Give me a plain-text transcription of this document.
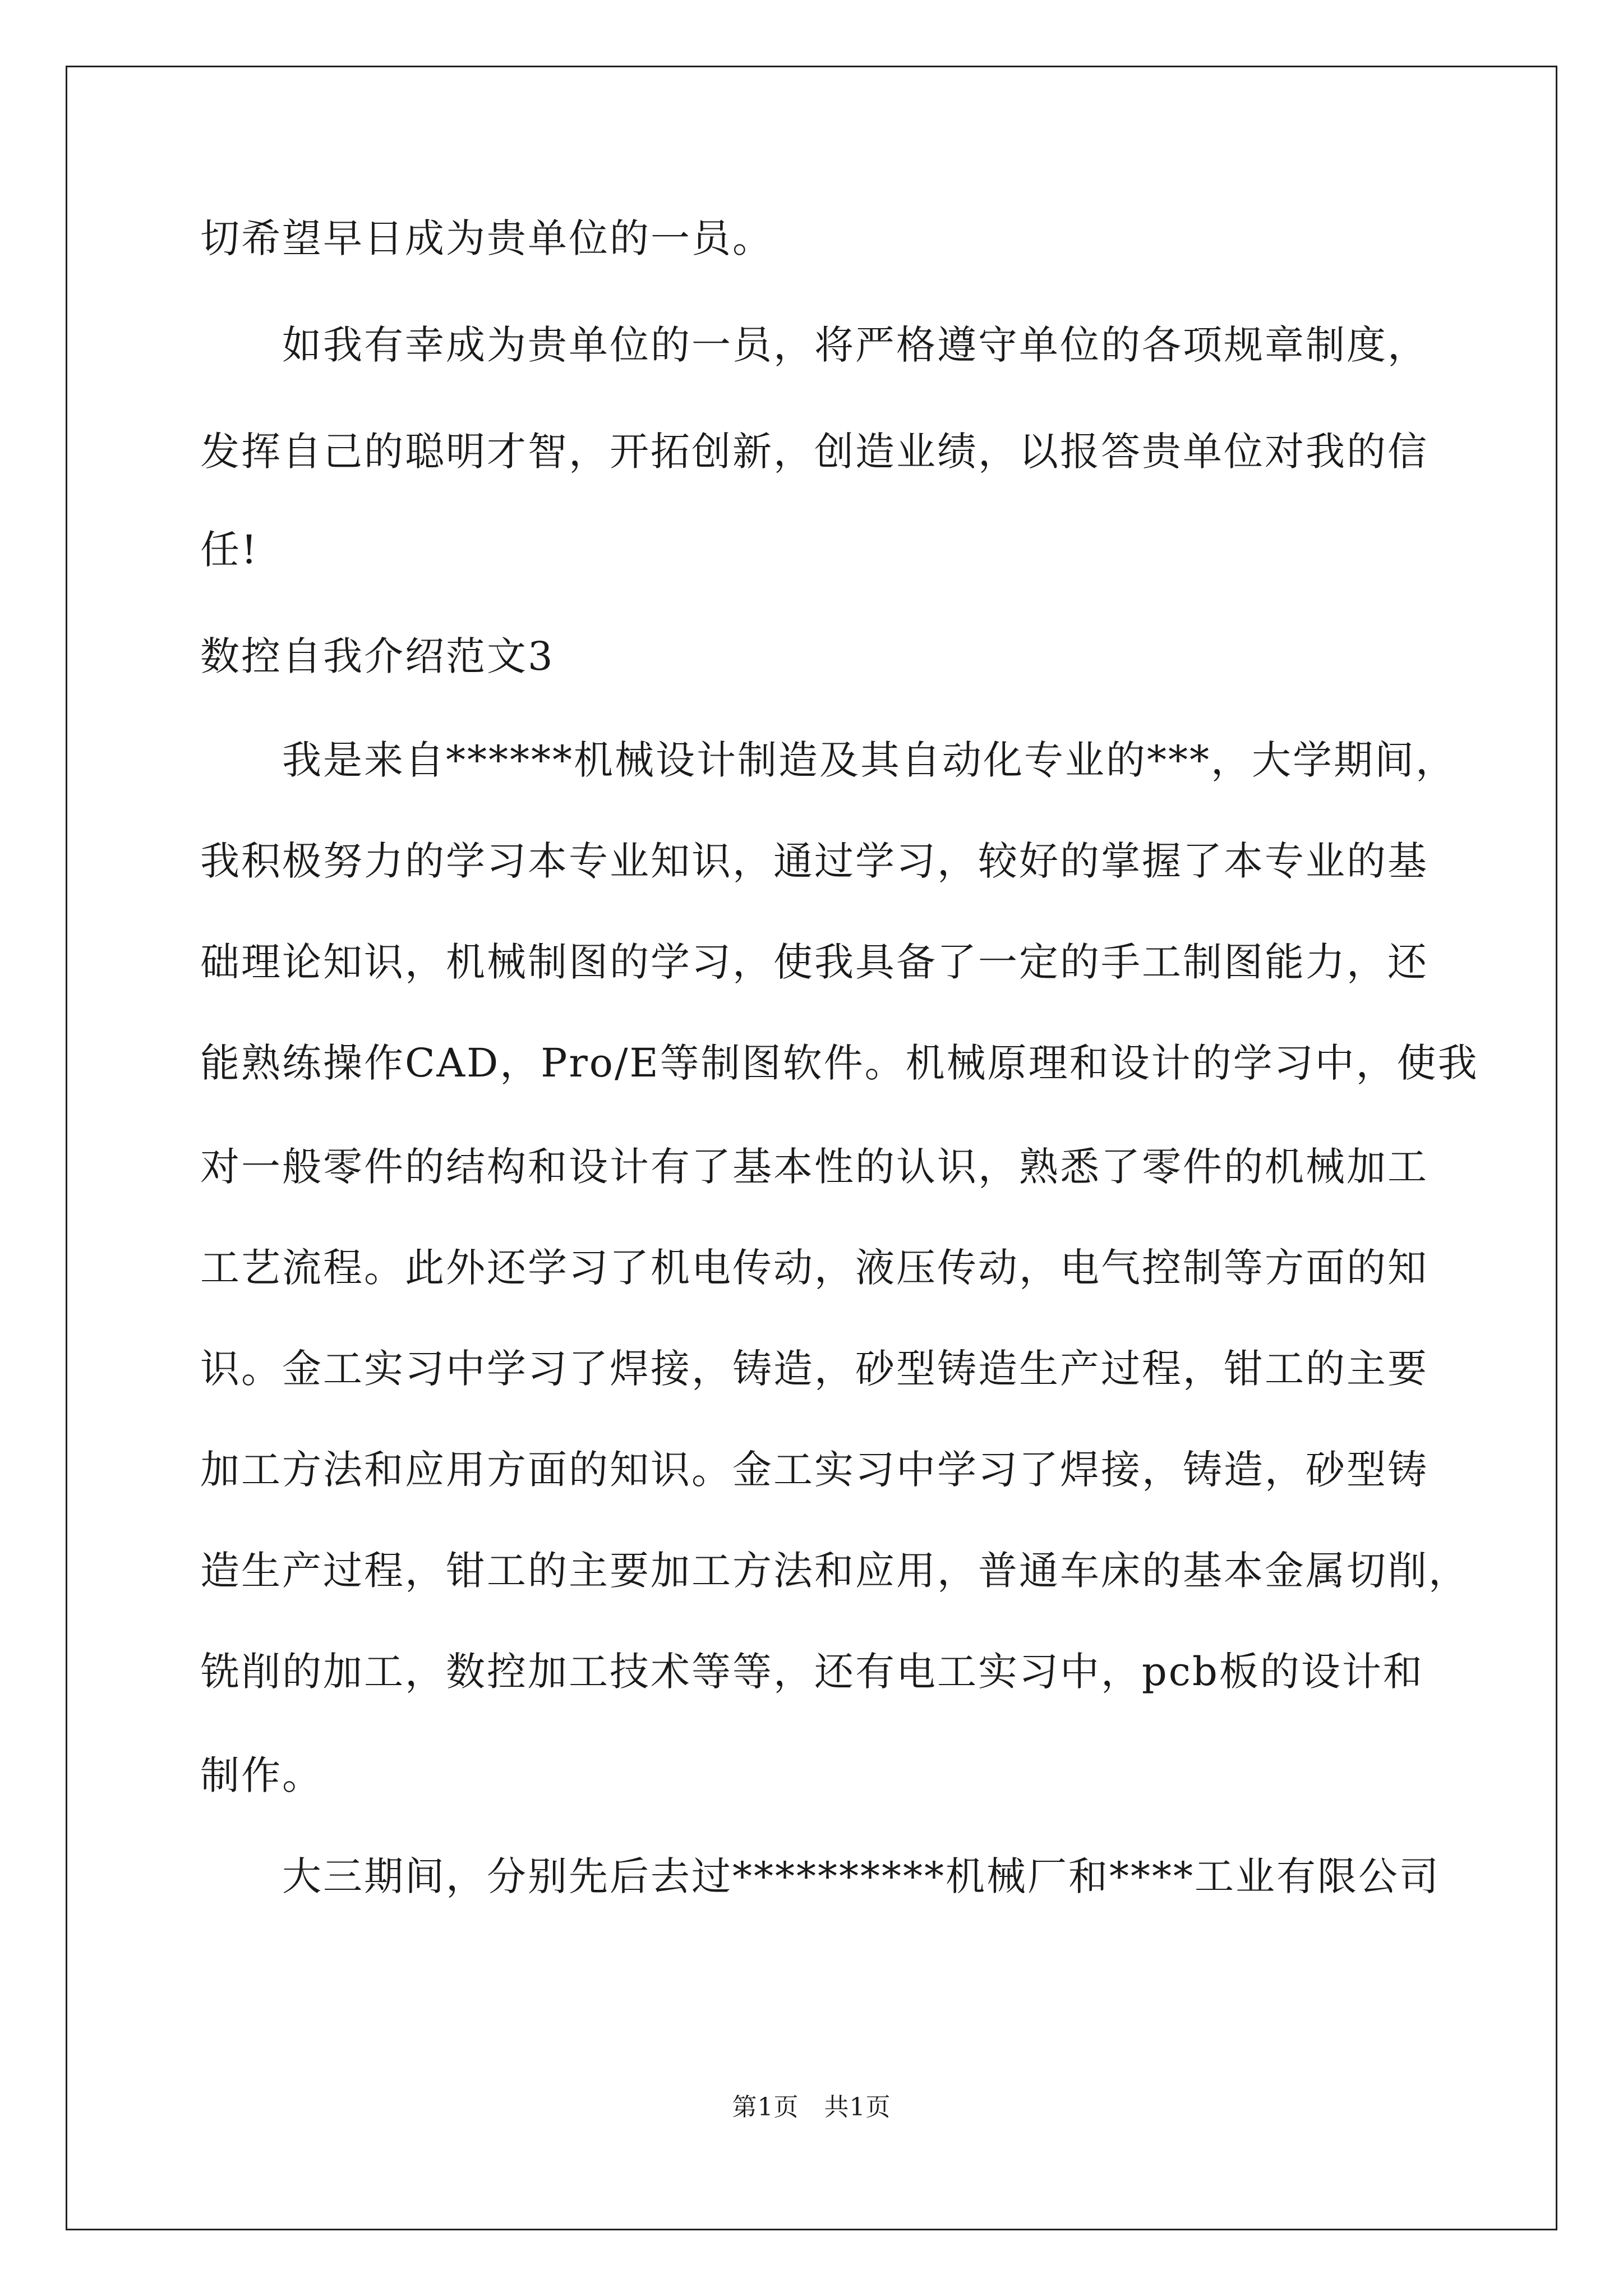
切希望早日成为贵单位的一员。
如我有幸成为贵单位的一员，将严格遵守单位的各项规章制度，
发挥自己的聪明才智，开拓创新，创造业绩，以报答贵单位对我的信
任!
数控自我介绍范文3
我是来自******机械设计制造及其自动化专业的***，大学期间，
我积极努力的学习本专业知识，通过学习，较好的掌握了本专业的基
础理论知识，机械制图的学习，使我具备了一定的手工制图能力，还
能熟练操作CAD，Pro/E等制图软件。机械原理和设计的学习中，使我
对一般零件的结构和设计有了基本性的认识，熟悉了零件的机械加工
工艺流程。此外还学习了机电传动，液压传动，电气控制等方面的知
识。金工实习中学习了焊接，铸造，砂型铸造生产过程，钳工的主要
加工方法和应用方面的知识。金工实习中学习了焊接，铸造，砂型铸
造生产过程，钳工的主要加工方法和应用，普通车床的基本金属切削，
铣削的加工，数控加工技术等等，还有电工实习中，pcb板的设计和
制作。
大三期间，分别先后去过**********机械厂和****工业有限公司
第1页　共1页
